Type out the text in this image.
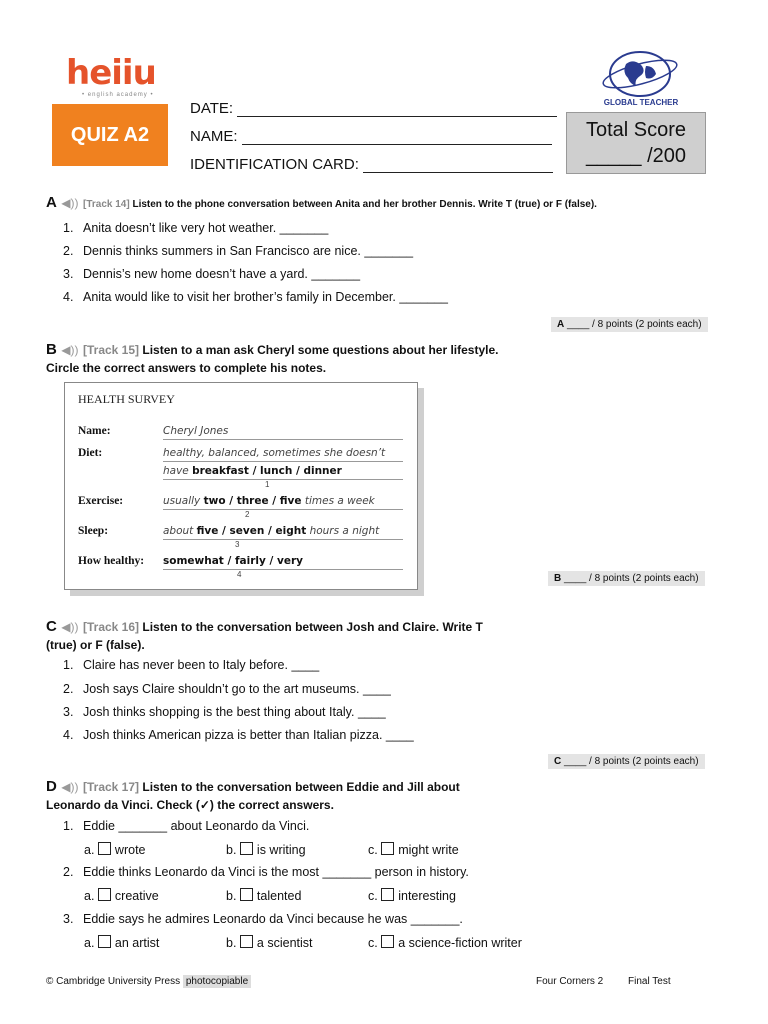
heiiu
• english academy •
QUIZ A2
DATE:
NAME:
IDENTIFICATION CARD:
GLOBAL TEACHER
Total Score
_____ /200
A ◀)) [Track 14] Listen to the phone conversation between Anita and her brother Dennis. Write T (true) or F (false).
1. Anita doesn’t like very hot weather. _______
2. Dennis thinks summers in San Francisco are nice. _______
3. Dennis’s new home doesn’t have a yard. _______
4. Anita would like to visit her brother’s family in December. _______
A ____ / 8 points (2 points each)
B ◀)) [Track 15] Listen to a man ask Cheryl some questions about her lifestyle. Circle the correct answers to complete his notes.
HEALTH SURVEY
Name:	Cheryl Jones
Diet:	healthy, balanced, sometimes she doesn’t
have breakfast / lunch / dinner
1
Exercise:	usually two / three / five times a week
2
Sleep:	about five / seven / eight hours a night
3
How healthy: somewhat / fairly / very
4	B ____ / 8 points (2 points each)
C ◀)) [Track 16] Listen to the conversation between Josh and Claire. Write T (true) or F (false).
1. Claire has never been to Italy before. ____
2. Josh says Claire shouldn’t go to the art museums. ____
3. Josh thinks shopping is the best thing about Italy. ____
4. Josh thinks American pizza is better than Italian pizza. ____
C ____ / 8 points (2 points each)
D ◀)) [Track 17] Listen to the conversation between Eddie and Jill about Leonardo da Vinci. Check (✓) the correct answers.
1. Eddie _______ about Leonardo da Vinci.
a. wrote	b. is writing	c. might write
2. Eddie thinks Leonardo da Vinci is the most _______ person in history.
a. creative	b. talented	c. interesting
3. Eddie says he admires Leonardo da Vinci because he was _______.
a. an artist	b. a scientist	c. a science-fiction writer
© Cambridge University Press photocopiable	Four Corners 2 Final Test
